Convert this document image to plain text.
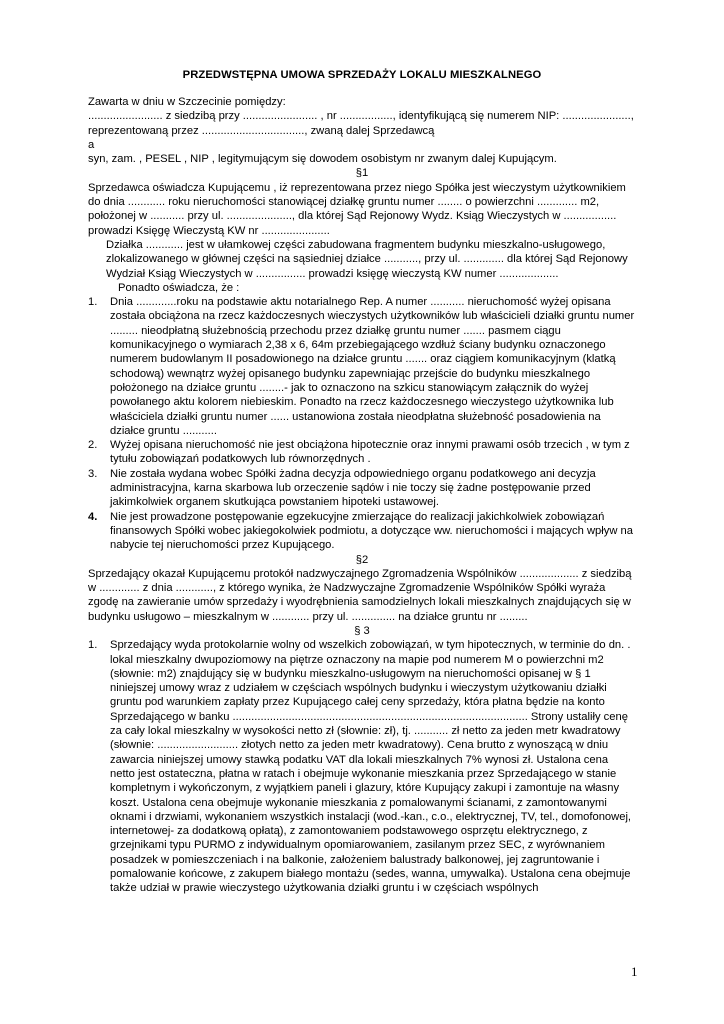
PRZEDWSTĘPNA UMOWA SPRZEDAŻY LOKALU MIESZKALNEGO

Zawarta w dniu w Szczecinie pomiędzy:

........................ z siedzibą przy ........................ , nr ................., identyfikującą się numerem NIP: ......................, reprezentowaną przez ................................., zwaną dalej Sprzedawcą

a

syn, zam. , PESEL , NIP , legitymującym się dowodem osobistym nr zwanym dalej Kupującym.

§1

Sprzedawca oświadcza Kupującemu , iż reprezentowana przez niego Spółka jest wieczystym użytkownikiem do dnia ............ roku nieruchomości stanowiącej działkę gruntu numer ........ o powierzchni ............. m2, położonej w ........... przy ul. ....................., dla której Sąd Rejonowy Wydz. Ksiąg Wieczystych w ................. prowadzi Księgę Wieczystą KW nr ......................

Działka ............ jest w ułamkowej części zabudowana fragmentem budynku mieszkalno-usługowego, zlokalizowanego w głównej części na sąsiedniej działce ..........., przy ul. ............. dla której Sąd Rejonowy Wydział Ksiąg Wieczystych w ................ prowadzi księgę wieczystą KW numer ...................

Ponadto oświadcza, że :

1. Dnia .............roku na podstawie aktu notarialnego Rep. A numer ........... nieruchomość wyżej opisana została obciążona na rzecz każdoczesnych wieczystych użytkowników lub właścicieli działki gruntu numer ......... nieodpłatną służebnością przechodu przez działkę gruntu numer ....... pasmem ciągu komunikacyjnego o wymiarach 2,38 x 6, 64m przebiegającego wzdłuż ściany budynku oznaczonego numerem budowlanym II posadowionego na działce gruntu ....... oraz ciągiem komunikacyjnym (klatką schodową) wewnątrz wyżej opisanego budynku zapewniając przejście do budynku mieszkalnego położonego na działce gruntu ........- jak to oznaczono na szkicu stanowiącym załącznik do wyżej powołanego aktu kolorem niebieskim. Ponadto na rzecz każdoczesnego wieczystego użytkownika lub właściciela działki gruntu numer ...... ustanowiona została nieodpłatna służebność posadowienia na działce gruntu ...........
2. Wyżej opisana nieruchomość nie jest obciążona hipotecznie oraz innymi prawami osób trzecich , w tym z tytułu zobowiązań podatkowych lub równorzędnych .
3. Nie została wydana wobec Spółki żadna decyzja odpowiedniego organu podatkowego ani decyzja administracyjna, karna skarbowa lub orzeczenie sądów i nie toczy się żadne postępowanie przed jakimkolwiek organem skutkująca powstaniem hipoteki ustawowej.
4. Nie jest prowadzone postępowanie egzekucyjne zmierzające do realizacji jakichkolwiek zobowiązań finansowych Spółki wobec jakiegokolwiek podmiotu, a dotyczące ww. nieruchomości i mających wpływ na nabycie tej nieruchomości przez Kupującego.

§2

Sprzedający okazał Kupującemu protokół nadzwyczajnego Zgromadzenia Wspólników ................... z siedzibą w ............. z dnia ............, z którego wynika, że Nadzwyczajne Zgromadzenie Wspólników Spółki wyraża zgodę na zawieranie umów sprzedaży i wyodrębnienia samodzielnych lokali mieszkalnych znajdujących się w budynku usługowo – mieszkalnym w ............ przy ul. .............. na działce gruntu nr .........

§ 3

1. Sprzedający wyda protokolarnie wolny od wszelkich zobowiązań, w tym hipotecznych, w terminie do dn. . lokal mieszkalny dwupoziomowy na piętrze oznaczony na mapie pod numerem M o powierzchni m2 (słownie: m2) znajdujący się w budynku mieszkalno-usługowym na nieruchomości opisanej w § 1 niniejszej umowy wraz z udziałem w częściach wspólnych budynku i wieczystym użytkowaniu działki gruntu pod warunkiem zapłaty przez Kupującego całej ceny sprzedaży, która płatna będzie na konto Sprzedającego w banku ............................................................................................... Strony ustaliły cenę za cały lokal mieszkalny w wysokości netto zł (słownie: zł), tj. ........... zł netto za jeden metr kwadratowy (słownie: .......................... złotych netto za jeden metr kwadratowy). Cena brutto z wynoszącą w dniu zawarcia niniejszej umowy stawką podatku VAT dla lokali mieszkalnych 7% wynosi zł. Ustalona cena netto jest ostateczna, płatna w ratach i obejmuje wykonanie mieszkania przez Sprzedającego w stanie kompletnym i wykończonym, z wyjątkiem paneli i glazury, które Kupujący zakupi i zamontuje na własny koszt. Ustalona cena obejmuje wykonanie mieszkania z pomalowanymi ścianami, z zamontowanymi oknami i drzwiami, wykonaniem wszystkich instalacji (wod.-kan., c.o., elektrycznej, TV, tel., domofonowej, internetowej- za dodatkową opłatą), z zamontowaniem podstawowego osprzętu elektrycznego, z grzejnikami typu PURMO z indywidualnym opomiarowaniem, zasilanym przez SEC, z wyrównaniem posadzek w pomieszczeniach i na balkonie, założeniem balustrady balkonowej, jej zagruntowanie i pomalowanie końcowe, z zakupem białego montażu (sedes, wanna, umywalka). Ustalona cena obejmuje także udział w prawie wieczystego użytkowania działki gruntu i w częściach wspólnych
1
